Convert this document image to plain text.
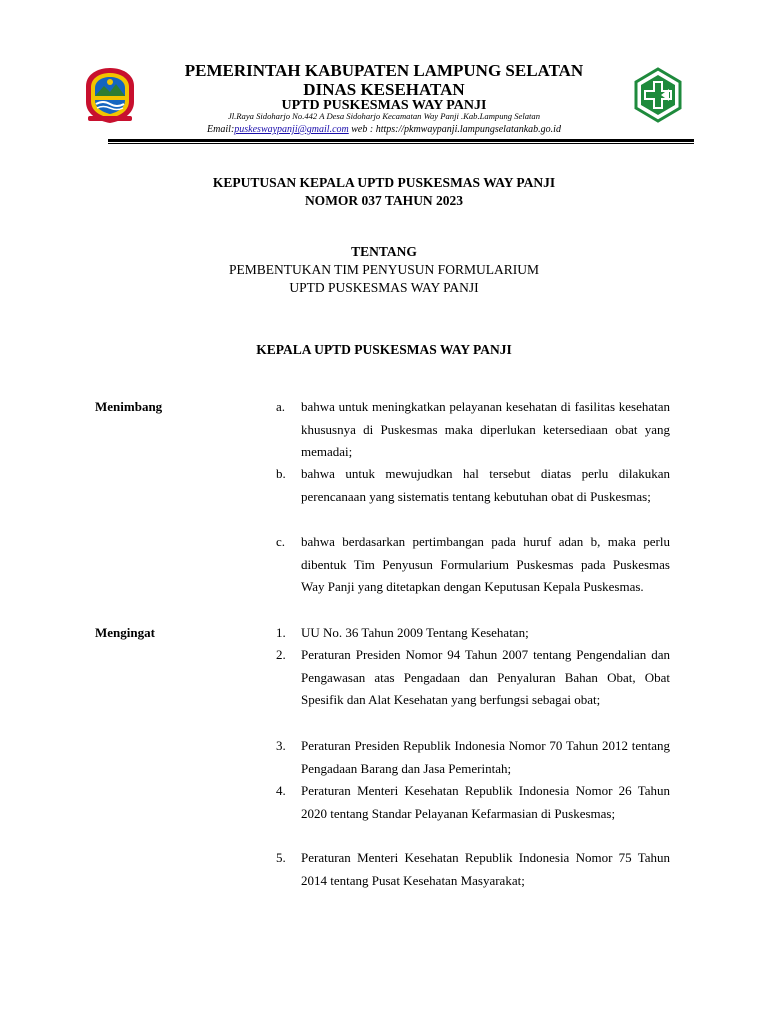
PEMERINTAH KABUPATEN LAMPUNG SELATAN
DINAS KESEHATAN
UPTD PUSKESMAS WAY PANJI
Jl.Raya Sidoharjo No.442 A Desa Sidoharjo Kecamatan Way Panji .Kab.Lampung Selatan
Email:puskeswaypanji@gmail.com web : https://pkmwaypanji.lampungselatankab.go.id
KEPUTUSAN KEPALA UPTD PUSKESMAS WAY PANJI
NOMOR 037 TAHUN 2023
TENTANG
PEMBENTUKAN TIM PENYUSUN FORMULARIUM
UPTD PUSKESMAS WAY PANJI
KEPALA UPTD PUSKESMAS WAY PANJI
Menimbang	a.	bahwa untuk meningkatkan pelayanan kesehatan di fasilitas kesehatan khususnya di Puskesmas maka diperlukan ketersediaan obat yang memadai;
b.	bahwa untuk mewujudkan hal tersebut diatas perlu dilakukan perencanaan yang sistematis tentang kebutuhan obat di Puskesmas;
c.	bahwa berdasarkan pertimbangan pada huruf adan b, maka perlu dibentuk Tim Penyusun Formularium Puskesmas pada Puskesmas Way Panji yang ditetapkan dengan Keputusan Kepala Puskesmas.
Mengingat	1.	UU No. 36 Tahun 2009 Tentang Kesehatan;
2.	Peraturan Presiden Nomor 94 Tahun 2007 tentang Pengendalian dan Pengawasan atas Pengadaan dan Penyaluran Bahan Obat, Obat Spesifik dan Alat Kesehatan yang berfungsi sebagai obat;
3.	Peraturan Presiden Republik Indonesia Nomor 70 Tahun 2012 tentang Pengadaan Barang dan Jasa Pemerintah;
4.	Peraturan Menteri Kesehatan Republik Indonesia Nomor 26 Tahun 2020 tentang Standar Pelayanan Kefarmasian di Puskesmas;
5.	Peraturan Menteri Kesehatan Republik Indonesia Nomor 75 Tahun 2014 tentang Pusat Kesehatan Masyarakat;
